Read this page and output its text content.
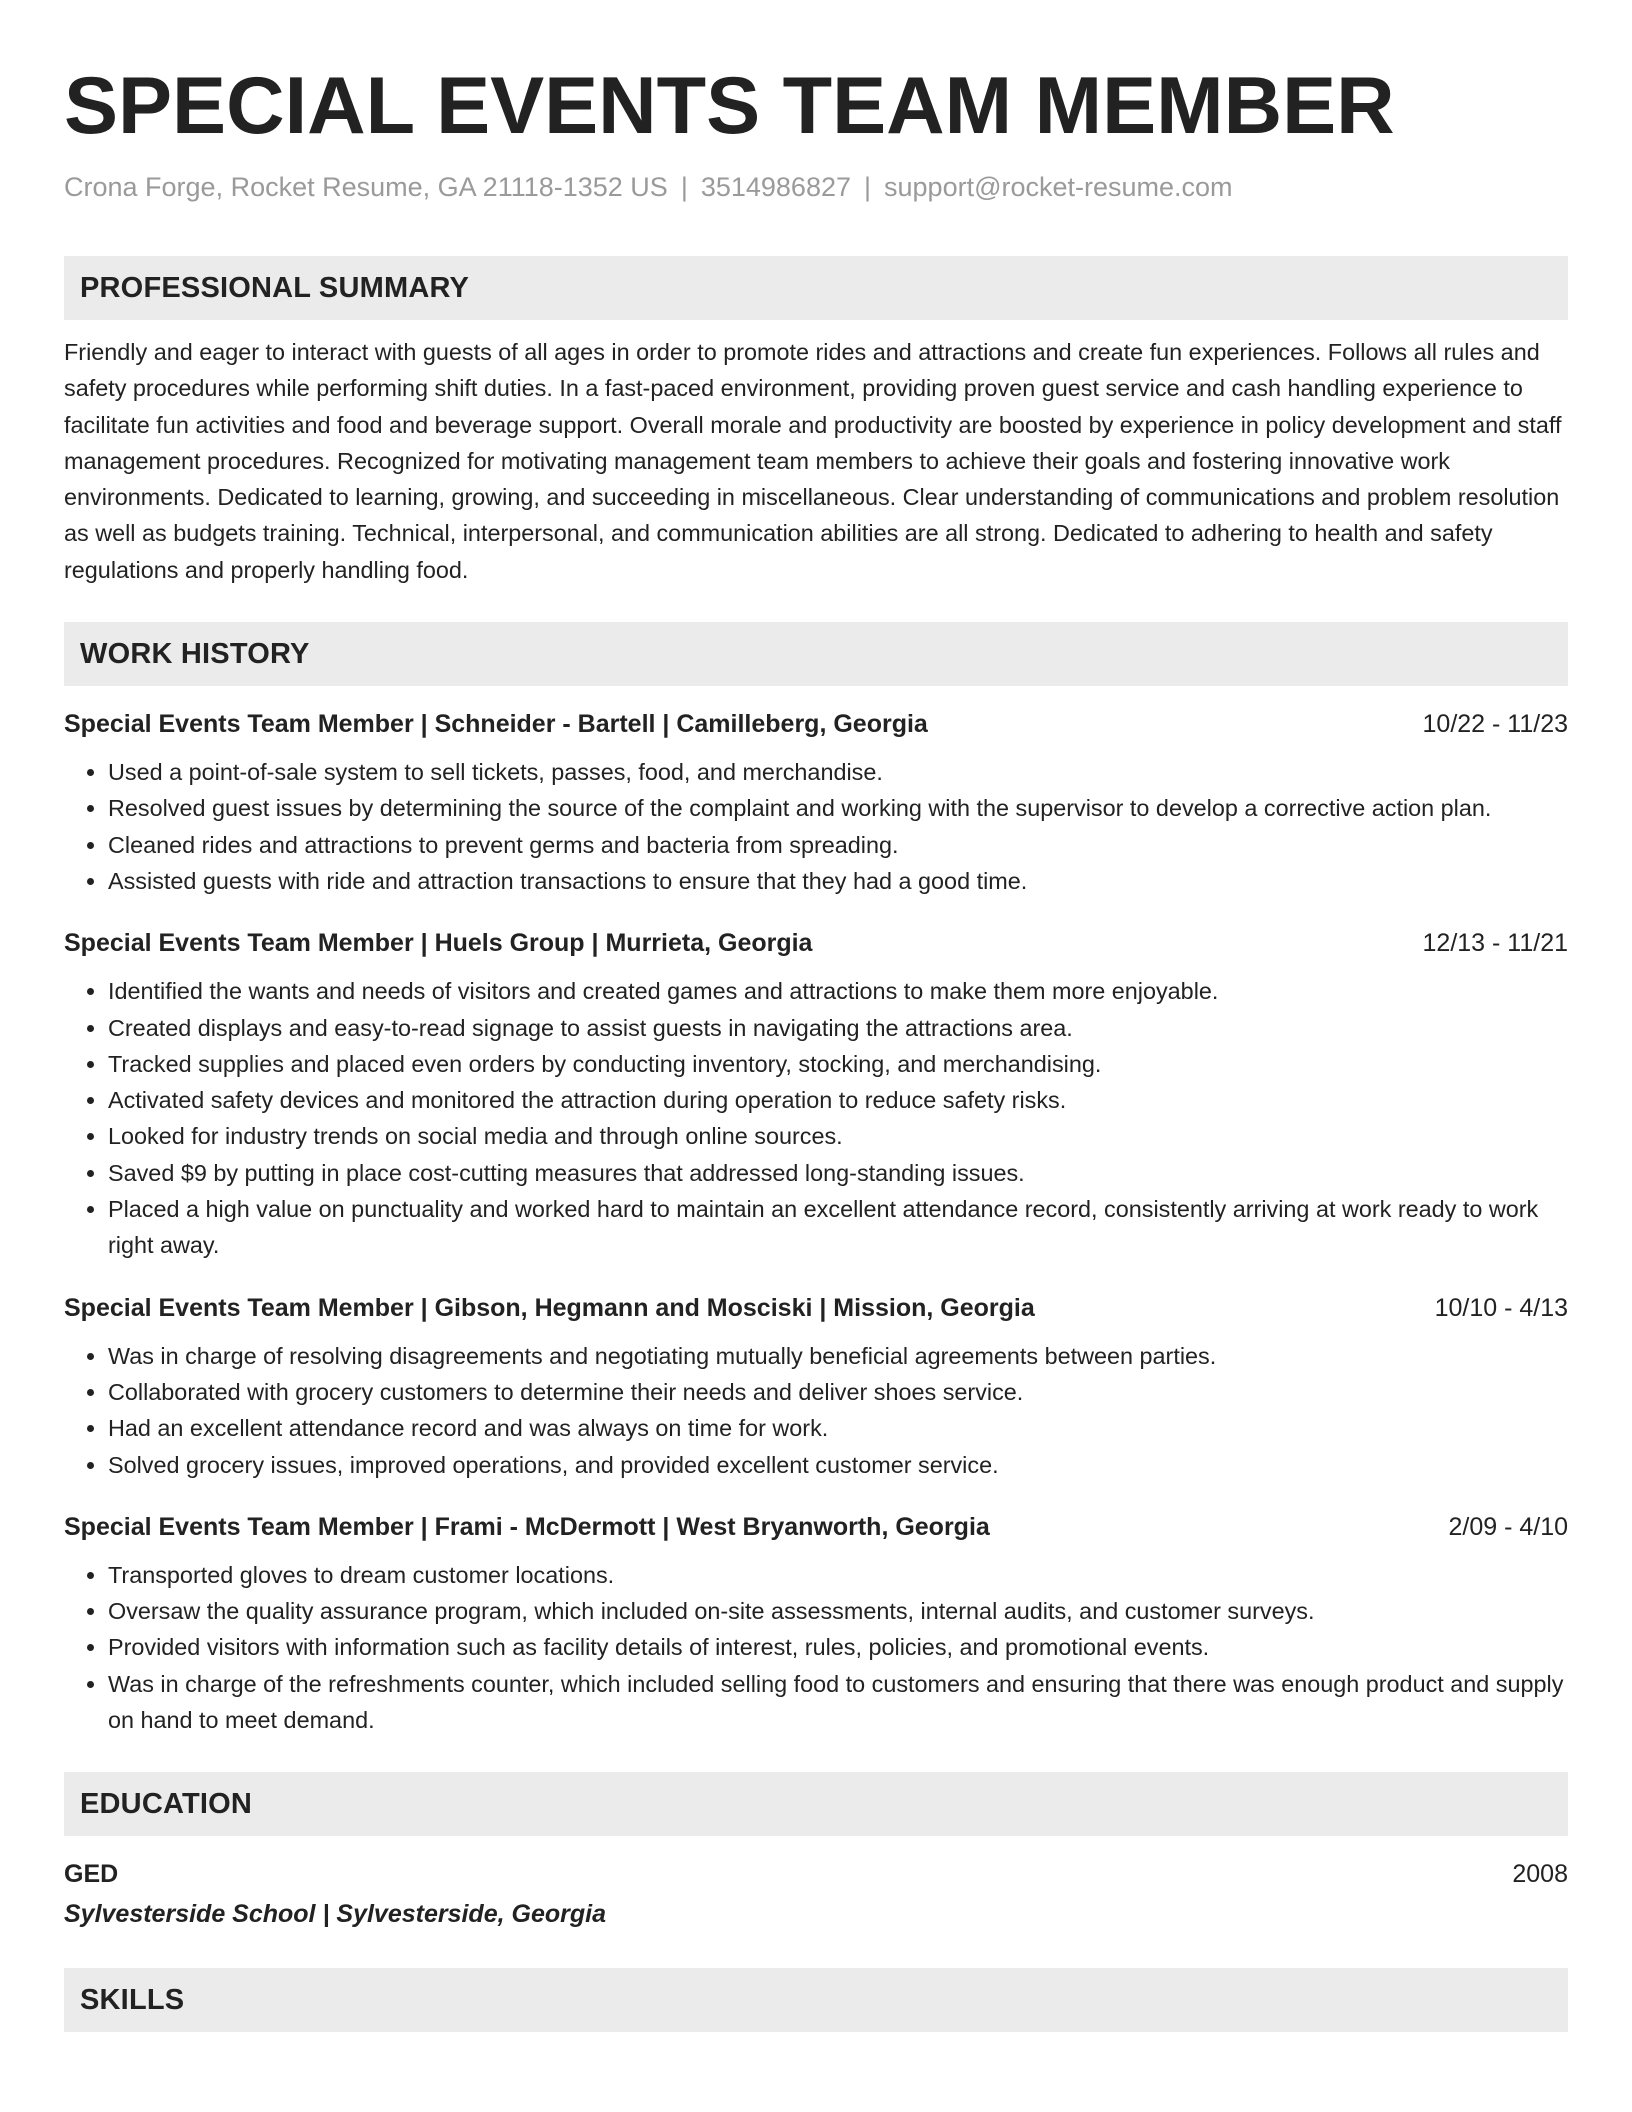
SPECIAL EVENTS TEAM MEMBER
Crona Forge, Rocket Resume, GA 21118-1352 US | 3514986827 | support@rocket-resume.com
PROFESSIONAL SUMMARY
Friendly and eager to interact with guests of all ages in order to promote rides and attractions and create fun experiences. Follows all rules and safety procedures while performing shift duties. In a fast-paced environment, providing proven guest service and cash handling experience to facilitate fun activities and food and beverage support. Overall morale and productivity are boosted by experience in policy development and staff management procedures. Recognized for motivating management team members to achieve their goals and fostering innovative work environments. Dedicated to learning, growing, and succeeding in miscellaneous. Clear understanding of communications and problem resolution as well as budgets training. Technical, interpersonal, and communication abilities are all strong. Dedicated to adhering to health and safety regulations and properly handling food.
WORK HISTORY
Special Events Team Member | Schneider - Bartell | Camilleberg, Georgia	10/22 - 11/23
• Used a point-of-sale system to sell tickets, passes, food, and merchandise.
• Resolved guest issues by determining the source of the complaint and working with the supervisor to develop a corrective action plan.
• Cleaned rides and attractions to prevent germs and bacteria from spreading.
• Assisted guests with ride and attraction transactions to ensure that they had a good time.
Special Events Team Member | Huels Group | Murrieta, Georgia	12/13 - 11/21
• Identified the wants and needs of visitors and created games and attractions to make them more enjoyable.
• Created displays and easy-to-read signage to assist guests in navigating the attractions area.
• Tracked supplies and placed even orders by conducting inventory, stocking, and merchandising.
• Activated safety devices and monitored the attraction during operation to reduce safety risks.
• Looked for industry trends on social media and through online sources.
• Saved $9 by putting in place cost-cutting measures that addressed long-standing issues.
• Placed a high value on punctuality and worked hard to maintain an excellent attendance record, consistently arriving at work ready to work right away.
Special Events Team Member | Gibson, Hegmann and Mosciski | Mission, Georgia	10/10 - 4/13
• Was in charge of resolving disagreements and negotiating mutually beneficial agreements between parties.
• Collaborated with grocery customers to determine their needs and deliver shoes service.
• Had an excellent attendance record and was always on time for work.
• Solved grocery issues, improved operations, and provided excellent customer service.
Special Events Team Member | Frami - McDermott | West Bryanworth, Georgia	2/09 - 4/10
• Transported gloves to dream customer locations.
• Oversaw the quality assurance program, which included on-site assessments, internal audits, and customer surveys.
• Provided visitors with information such as facility details of interest, rules, policies, and promotional events.
• Was in charge of the refreshments counter, which included selling food to customers and ensuring that there was enough product and supply on hand to meet demand.
EDUCATION
GED	2008
Sylvesterside School | Sylvesterside, Georgia
SKILLS
